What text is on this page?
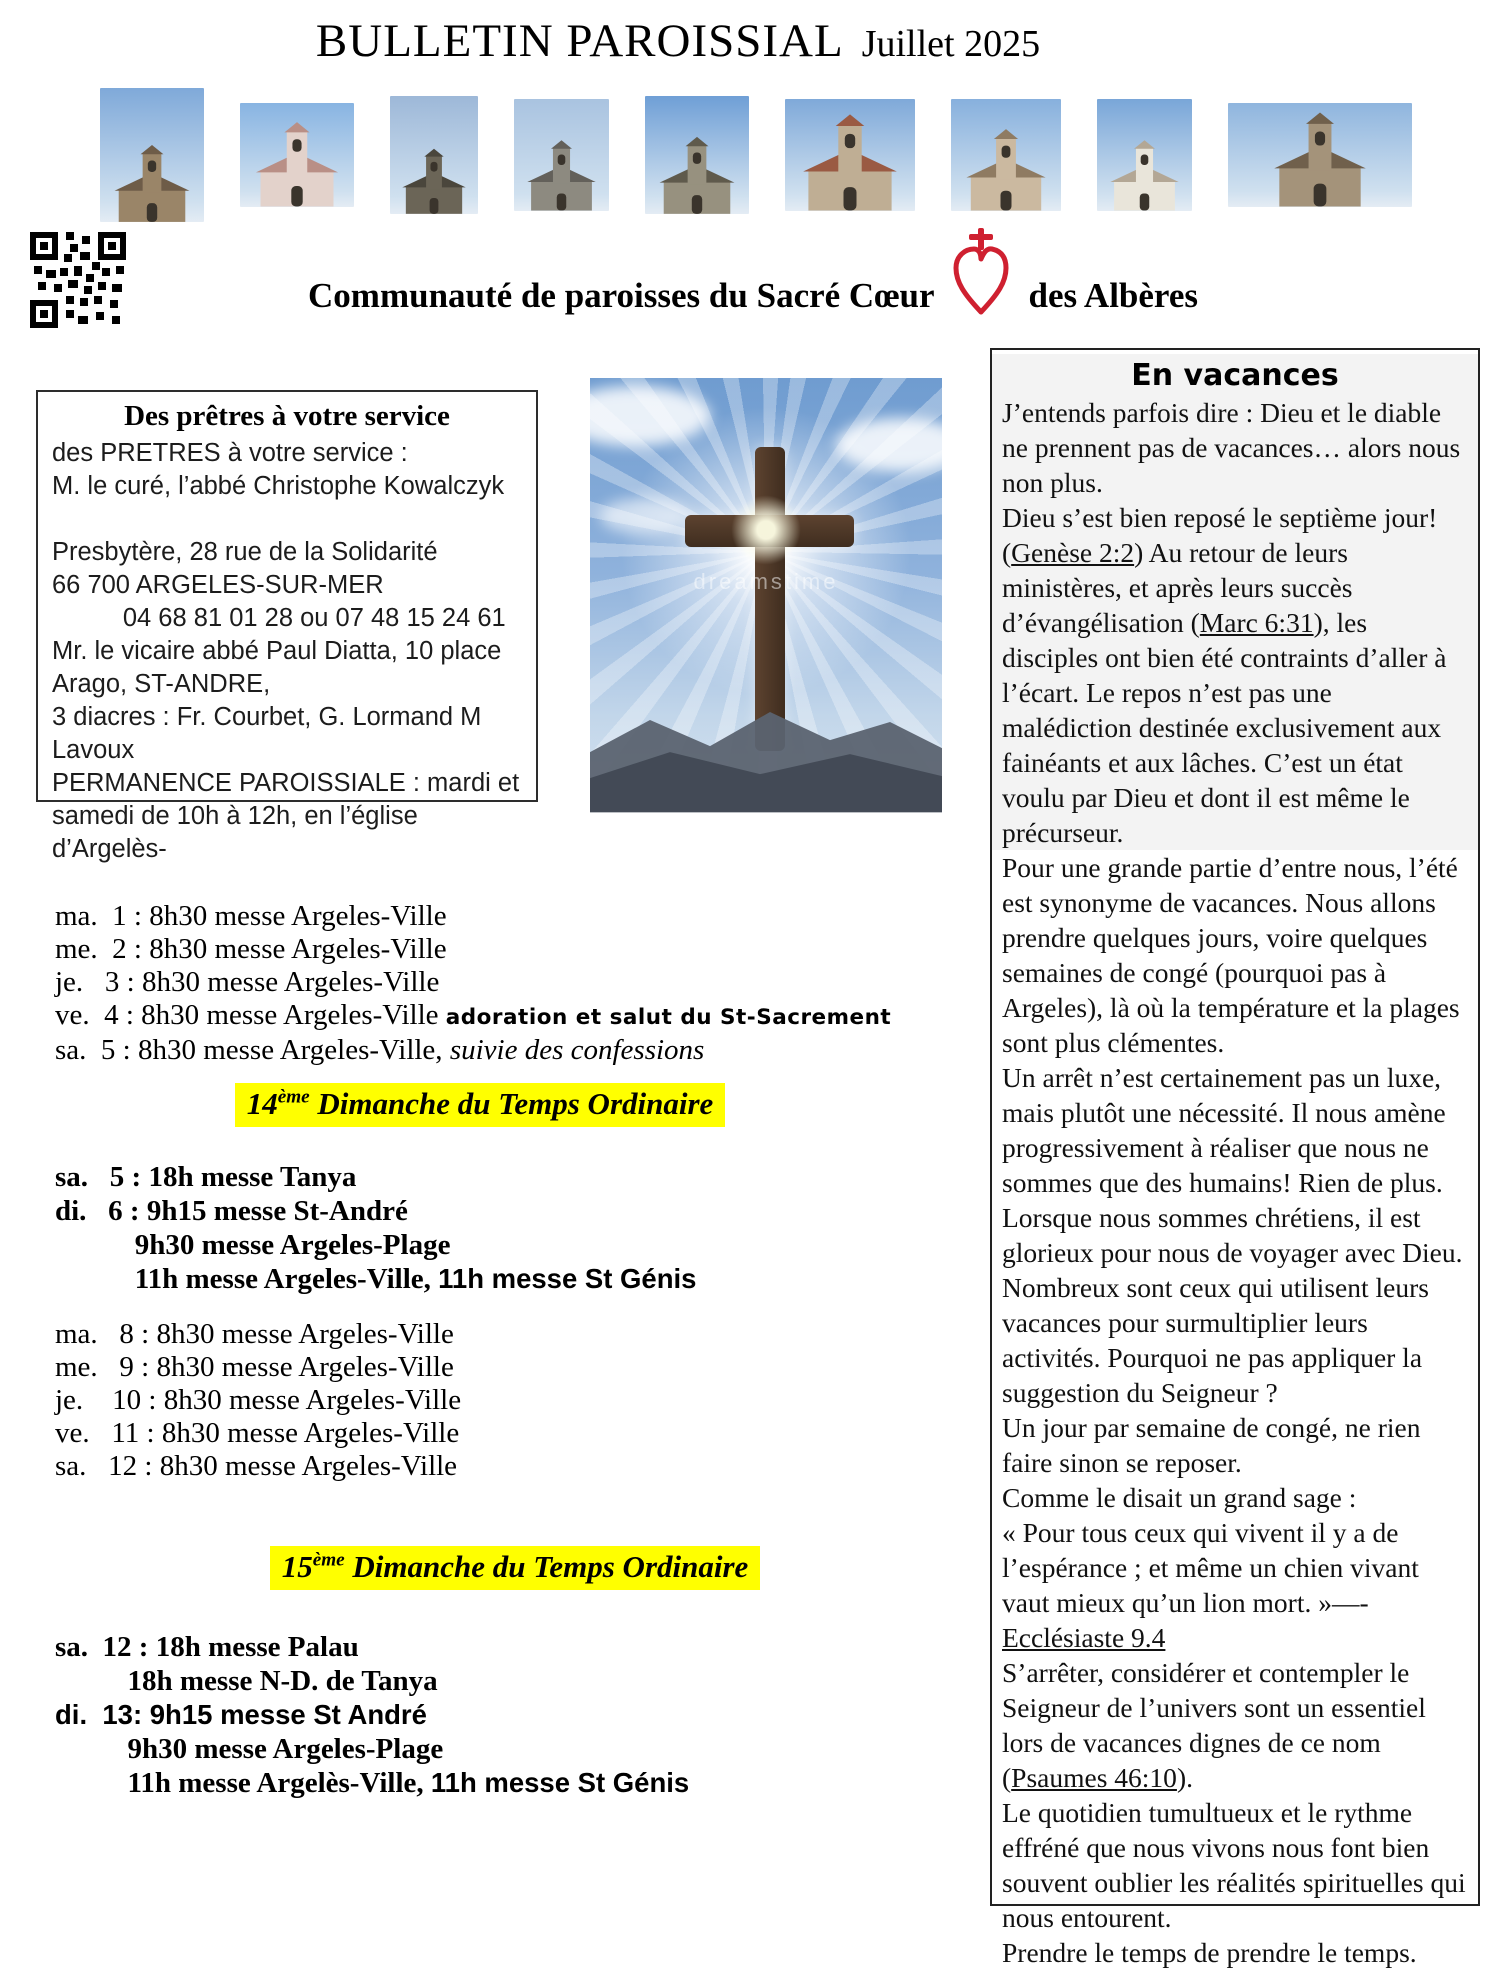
BULLETIN PAROISSIAL Juillet 2025
Communauté de paroisses du Sacré Cœur	des Albères
Des prêtres à votre service
des PRETRES à votre service :
M. le curé, l’abbé Christophe Kowalczyk

Presbytère, 28 rue de la Solidarité
66 700 ARGELES-SUR-MER
04 68 81 01 28 ou 07 48 15 24 61
Mr. le vicaire abbé Paul Diatta, 10 place
Arago, ST-ANDRE,
3 diacres : Fr. Courbet, G. Lormand M
Lavoux
PERMANENCE PAROISSIALE : mardi et
samedi de 10h à 12h, en l’église d’Argelès-
dreamstime
En vacances
J’entends parfois dire : Dieu et le diable ne prennent pas de vacances… alors nous non plus.
Dieu s’est bien reposé le septième jour! (Genèse 2:2) Au retour de leurs ministères, et après leurs succès d’évangélisation (Marc 6:31), les disciples ont bien été contraints d’aller à l’écart. Le repos n’est pas une malédiction destinée exclusivement aux fainéants et aux lâches. C’est un état voulu par Dieu et dont il est même le précurseur.
Pour une grande partie d’entre nous, l’été est synonyme de vacances. Nous allons prendre quelques jours, voire quelques semaines de congé (pourquoi pas à Argeles), là où la température et la plages sont plus clémentes.
Un arrêt n’est certainement pas un luxe, mais plutôt une nécessité. Il nous amène progressivement à réaliser que nous ne sommes que des humains! Rien de plus. Lorsque nous sommes chrétiens, il est glorieux pour nous de voyager avec Dieu.
Nombreux sont ceux qui utilisent leurs vacances pour surmultiplier leurs activités. Pourquoi ne pas appliquer la suggestion du Seigneur ?
Un jour par semaine de congé, ne rien faire sinon se reposer.
Comme le disait un grand sage :
« Pour tous ceux qui vivent il y a de l’espérance ; et même un chien vivant vaut mieux qu’un lion mort. »—-
Ecclésiaste 9.4
S’arrêter, considérer et contempler le Seigneur de l’univers sont un essentiel lors de vacances dignes de ce nom (Psaumes 46:10).
Le quotidien tumultueux et le rythme effréné que nous vivons nous font bien souvent oublier les réalités spirituelles qui nous entourent.
Prendre le temps de prendre le temps.
ma.  1 : 8h30 messe Argeles-Ville
me.  2 : 8h30 messe Argeles-Ville
je.   3 : 8h30 messe Argeles-Ville
ve.  4 : 8h30 messe Argeles-Ville adoration et salut du St-Sacrement
sa.  5 : 8h30 messe Argeles-Ville, suivie des confessions
14ème Dimanche du Temps Ordinaire
sa.   5 : 18h messe Tanya
di.   6 : 9h15 messe St-André
9h30 messe Argeles-Plage
11h messe Argeles-Ville, 11h messe St Génis
ma.   8 : 8h30 messe Argeles-Ville
me.   9 : 8h30 messe Argeles-Ville
je.    10 : 8h30 messe Argeles-Ville
ve.   11 : 8h30 messe Argeles-Ville
sa.   12 : 8h30 messe Argeles-Ville
15ème Dimanche du Temps Ordinaire
sa.  12 : 18h messe Palau
18h messe N-D. de Tanya
di.  13: 9h15 messe St André
9h30 messe Argeles-Plage
11h messe Argelès-Ville, 11h messe St Génis
